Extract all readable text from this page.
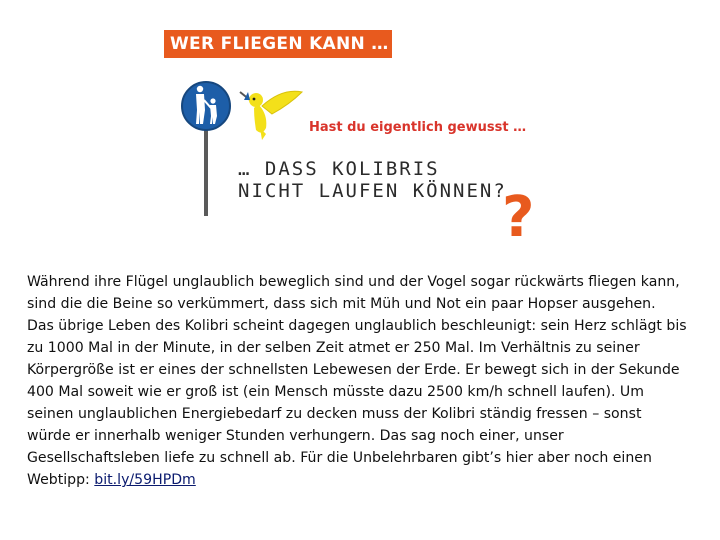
WER FLIEGEN KANN …
Hast du eigentlich gewusst …
… DASS KOLIBRIS
NICHT LAUFEN KÖNNEN?
?

Während ihre Flügel unglaublich beweglich sind und der Vogel sogar rückwärts fliegen kann, sind die die Beine so verkümmert, dass sich mit Müh und Not ein paar Hopser ausgehen.

Das übrige Leben des Kolibri scheint dagegen unglaublich beschleunigt: sein Herz schlägt bis zu 1000 Mal in der Minute, in der selben Zeit atmet er 250 Mal. Im Verhältnis zu seiner Körpergröße ist er eines der schnellsten Lebewesen der Erde. Er bewegt sich in der Sekunde 400 Mal soweit wie er groß ist (ein Mensch müsste dazu 2500 km/h schnell laufen). Um seinen unglaublichen Energiebedarf zu decken muss der Kolibri ständig fressen – sonst würde er innerhalb weniger Stunden verhungern. Das sag noch einer, unser Gesellschaftsleben liefe zu schnell ab. Für die Unbelehrbaren gibt’s hier aber noch einen Webtipp: bit.ly/59HPDm
